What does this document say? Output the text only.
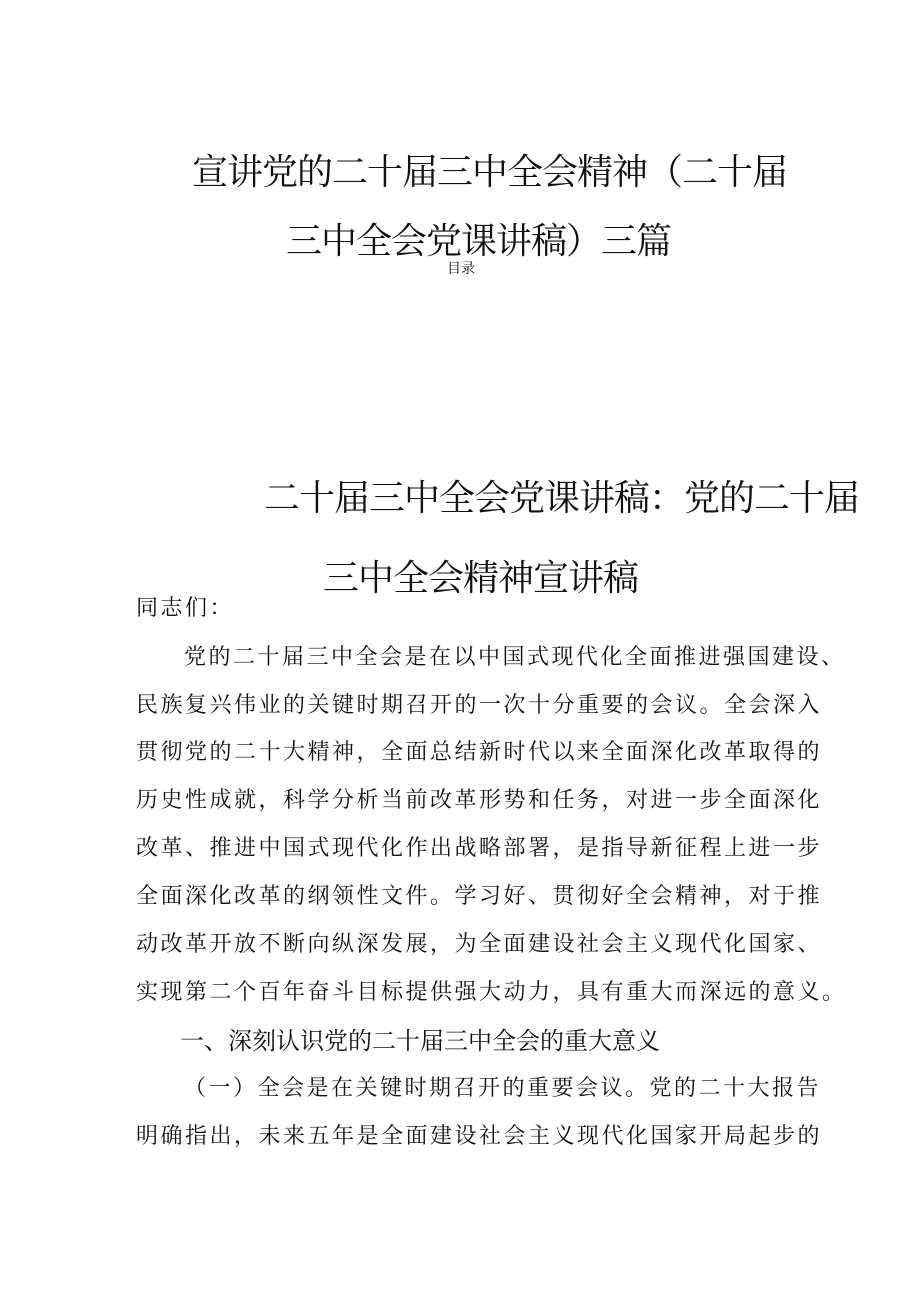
宣讲党的二十届三中全会精神（二十届
三中全会党课讲稿）三篇
目录
二十届三中全会党课讲稿：党的二十届
三中全会精神宣讲稿
同志们：
党的二十届三中全会是在以中国式现代化全面推进强国建设、
民族复兴伟业的关键时期召开的一次十分重要的会议。全会深入
贯彻党的二十大精神，全面总结新时代以来全面深化改革取得的
历史性成就，科学分析当前改革形势和任务，对进一步全面深化
改革、推进中国式现代化作出战略部署，是指导新征程上进一步
全面深化改革的纲领性文件。学习好、贯彻好全会精神，对于推
动改革开放不断向纵深发展，为全面建设社会主义现代化国家、
实现第二个百年奋斗目标提供强大动力，具有重大而深远的意义。
一、深刻认识党的二十届三中全会的重大意义
（一）全会是在关键时期召开的重要会议。党的二十大报告
明确指出，未来五年是全面建设社会主义现代化国家开局起步的
